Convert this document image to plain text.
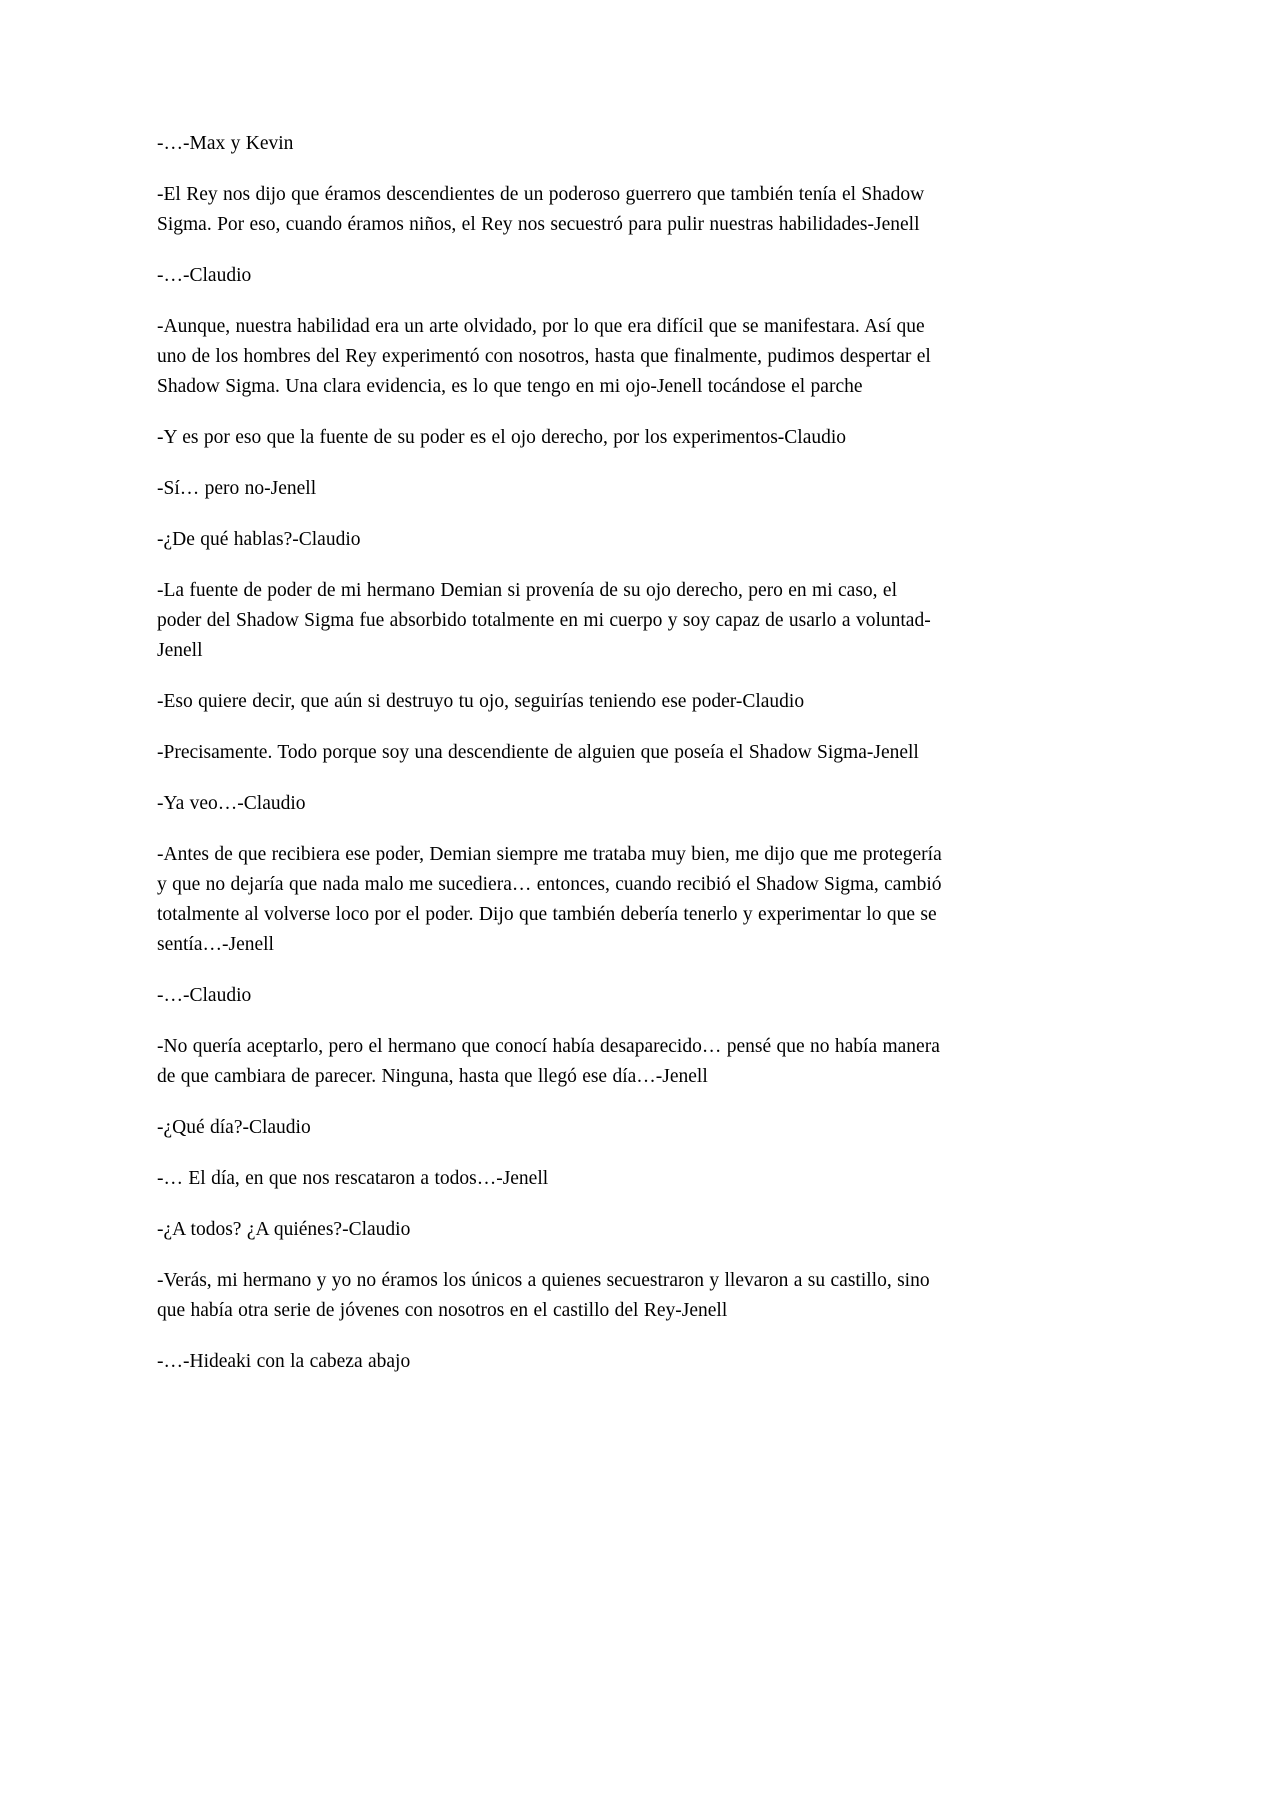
-…-Max y Kevin

-El Rey nos dijo que éramos descendientes de un poderoso guerrero que también tenía el Shadow Sigma. Por eso, cuando éramos niños, el Rey nos secuestró para pulir nuestras habilidades-Jenell

-…-Claudio

-Aunque, nuestra habilidad era un arte olvidado, por lo que era difícil que se manifestara. Así que uno de los hombres del Rey experimentó con nosotros, hasta que finalmente, pudimos despertar el Shadow Sigma. Una clara evidencia, es lo que tengo en mi ojo-Jenell tocándose el parche

-Y es por eso que la fuente de su poder es el ojo derecho, por los experimentos-Claudio

-Sí… pero no-Jenell

-¿De qué hablas?-Claudio

-La fuente de poder de mi hermano Demian si provenía de su ojo derecho, pero en mi caso, el poder del Shadow Sigma fue absorbido totalmente en mi cuerpo y soy capaz de usarlo a voluntad-Jenell

-Eso quiere decir, que aún si destruyo tu ojo, seguirías teniendo ese poder-Claudio

-Precisamente. Todo porque soy una descendiente de alguien que poseía el Shadow Sigma-Jenell

-Ya veo…-Claudio

-Antes de que recibiera ese poder, Demian siempre me trataba muy bien, me dijo que me protegería y que no dejaría que nada malo me sucediera… entonces, cuando recibió el Shadow Sigma, cambió totalmente al volverse loco por el poder. Dijo que también debería tenerlo y experimentar lo que se sentía…-Jenell

-…-Claudio

-No quería aceptarlo, pero el hermano que conocí había desaparecido… pensé que no había manera de que cambiara de parecer. Ninguna, hasta que llegó ese día…-Jenell

-¿Qué día?-Claudio

-… El día, en que nos rescataron a todos…-Jenell

-¿A todos? ¿A quiénes?-Claudio

-Verás, mi hermano y yo no éramos los únicos a quienes secuestraron y llevaron a su castillo, sino que había otra serie de jóvenes con nosotros en el castillo del Rey-Jenell

-…-Hideaki con la cabeza abajo
